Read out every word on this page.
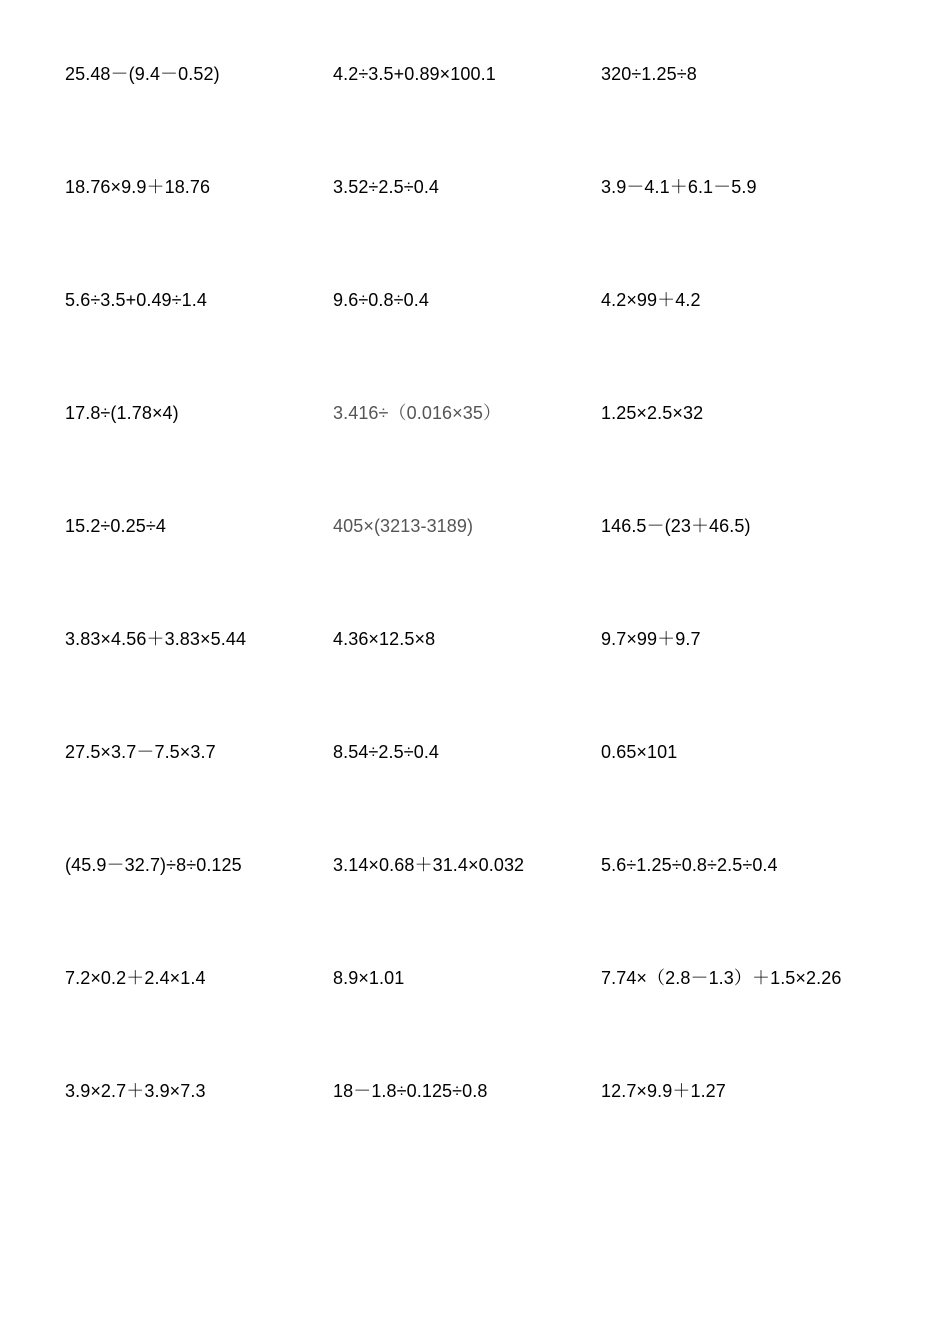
25.48－(9.4－0.52)	4.2÷3.5+0.89×100.1	320÷1.25÷8
18.76×9.9＋18.76	3.52÷2.5÷0.4	3.9－4.1＋6.1－5.9
5.6÷3.5+0.49÷1.4	9.6÷0.8÷0.4	4.2×99＋4.2
17.8÷(1.78×4)	3.416÷（0.016×35）	1.25×2.5×32
15.2÷0.25÷4	405×(3213-3189)	146.5－(23＋46.5)
3.83×4.56＋3.83×5.44	4.36×12.5×8	9.7×99＋9.7
27.5×3.7－7.5×3.7	8.54÷2.5÷0.4	0.65×101
(45.9－32.7)÷8÷0.125	3.14×0.68＋31.4×0.032	5.6÷1.25÷0.8÷2.5÷0.4
7.2×0.2＋2.4×1.4	8.9×1.01	7.74×（2.8－1.3）＋1.5×2.26
3.9×2.7＋3.9×7.3	18－1.8÷0.125÷0.8	12.7×9.9＋1.27
